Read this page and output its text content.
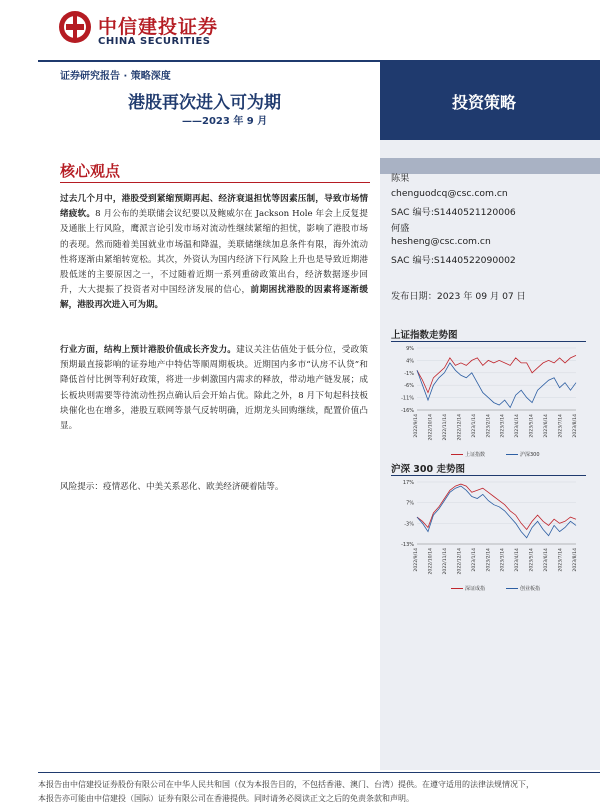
中信建投证券
CHINA SECURITIES
证券研究报告 · 策略深度
港股再次进入可为期
——2023 年 9 月
投资策略
核心观点
过去几个月中，港股受到紧缩预期再起、经济衰退担忧等因素压制，导致市场情绪疲软。8 月公布的美联储会议纪要以及鲍威尔在 Jackson Hole 年会上反复提及通胀上行风险，鹰派言论引发市场对流动性继续紧缩的担忧，影响了港股市场的表现。然而随着美国就业市场温和降温，美联储继续加息条件有限，海外流动性将逐渐由紧缩转宽松。其次，外资认为国内经济下行风险上升也是导致近期港股低迷的主要原因之一，不过随着近期一系列重磅政策出台，经济数据逐步回升，大大提振了投资者对中国经济发展的信心，前期困扰港股的因素将逐渐缓解，港股再次进入可为期。
行业方面，结构上预计港股价值成长齐发力。建议关注估值处于低分位，受政策预期最直接影响的证券地产中特估等顺周期板块。近期国内多市“认房不认贷”和降低首付比例等利好政策，将进一步刺激国内需求的释放，带动地产链发展；成长板块则需要等待流动性拐点确认后会开始占优。除此之外，8 月下旬起科技板块催化也在增多，港股互联网等景气反转明确，近期龙头回购继续，配置价值凸显。
风险提示：疫情恶化、中美关系恶化、欧美经济硬着陆等。
陈果
chenguodcq@csc.com.cn
SAC 编号:S1440521120006
何盛
hesheng@csc.com.cn
SAC 编号:S1440522090002
发布日期：2023 年 09 月 07 日
上证指数走势图
9%
4%
-1%
-6%
-11%
-16%
2022/9/14 2022/10/14 2022/11/14 2022/12/14 2023/1/14 2023/2/14 2023/3/14 2023/4/14 2023/5/14 2023/6/14 2023/7/14 2023/8/14
上证指数	沪深300
沪深 300 走势图
17%
7%
-3%
-13%
2022/9/14 2022/10/14 2022/11/14 2022/12/14 2023/1/14 2023/2/14 2023/3/14 2023/4/14 2023/5/14 2023/6/14 2023/7/14 2023/8/14
深证成指	创业板指
本报告由中信建投证券股份有限公司在中华人民共和国（仅为本报告目的，不包括香港、澳门、台湾）提供。在遵守适用的法律法规情况下，
本报告亦可能由中信建投（国际）证券有限公司在香港提供。同时请务必阅读正文之后的免责条款和声明。
